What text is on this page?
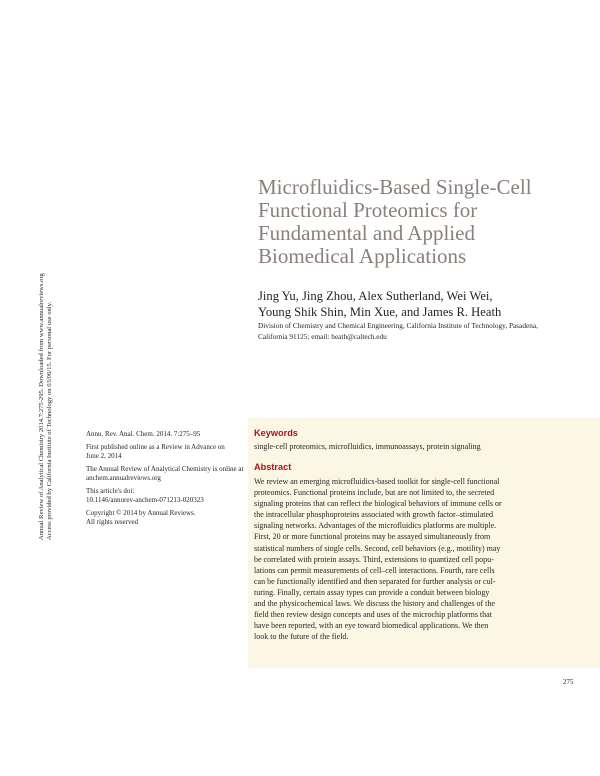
Annual Review of Analytical Chemistry 2014.7:275-295. Downloaded from www.annualreviews.org Access provided by California Institute of Technology on 03/06/15. For personal use only.
Microfluidics-Based Single-Cell
Functional Proteomics for
Fundamental and Applied
Biomedical Applications
Jing Yu, Jing Zhou, Alex Sutherland, Wei Wei,
Young Shik Shin, Min Xue, and James R. Heath
Division of Chemistry and Chemical Engineering, California Institute of Technology, Pasadena,
California 91125; email: heath@caltech.edu

Annu. Rev. Anal. Chem. 2014. 7:275–95

First published online as a Review in Advance on
June 2, 2014

The Annual Review of Analytical Chemistry is online at
anchem.annualreviews.org

This article's doi:
10.1146/annurev-anchem-071213-020323

Copyright © 2014 by Annual Reviews.
All rights reserved

Keywords
single-cell proteomics, microfluidics, immunoassays, protein signaling
Abstract
We review an emerging microfluidics-based toolkit for single-cell functional
proteomics. Functional proteins include, but are not limited to, the secreted
signaling proteins that can reflect the biological behaviors of immune cells or
the intracellular phosphoproteins associated with growth factor–stimulated
signaling networks. Advantages of the microfluidics platforms are multiple.
First, 20 or more functional proteins may be assayed simultaneously from
statistical numbers of single cells. Second, cell behaviors (e.g., motility) may
be correlated with protein assays. Third, extensions to quantized cell popu-
lations can permit measurements of cell–cell interactions. Fourth, rare cells
can be functionally identified and then separated for further analysis or cul-
turing. Finally, certain assay types can provide a conduit between biology
and the physicochemical laws. We discuss the history and challenges of the
field then review design concepts and uses of the microchip platforms that
have been reported, with an eye toward biomedical applications. We then
look to the future of the field.
275
